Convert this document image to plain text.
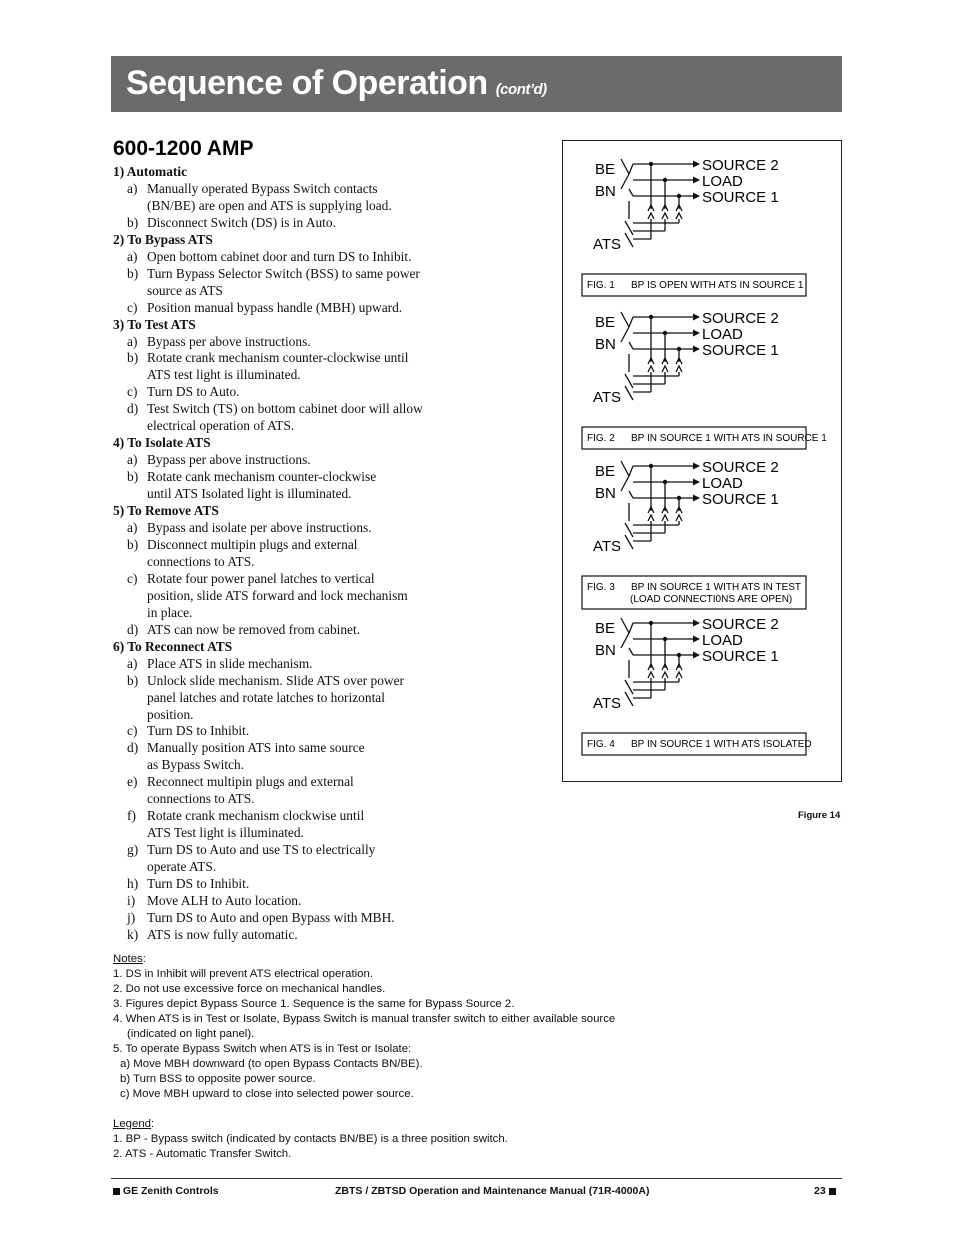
Sequence of Operation (cont’d)
600-1200 AMP
1) Automatic
a) Manually operated Bypass Switch contacts
(BN/BE) are open and ATS is supplying load.
b) Disconnect Switch (DS) is in Auto.
2) To Bypass ATS
a) Open bottom cabinet door and turn DS to Inhibit.
b) Turn Bypass Selector Switch (BSS) to same power
source as ATS
c) Position manual bypass handle (MBH) upward.
3) To Test ATS
a) Bypass per above instructions.
b) Rotate crank mechanism counter-clockwise until
ATS test light is illuminated.
c) Turn DS to Auto.
d) Test Switch (TS) on bottom cabinet door will allow
electrical operation of ATS.
4) To Isolate ATS
a) Bypass per above instructions.
b) Rotate cank mechanism counter-clockwise
until ATS Isolated light is illuminated.
5) To Remove ATS
a) Bypass and isolate per above instructions.
b) Disconnect multipin plugs and external
connections to ATS.
c) Rotate four power panel latches to vertical
position, slide ATS forward and lock mechanism
in place.
d) ATS can now be removed from cabinet.
6) To Reconnect ATS
a) Place ATS in slide mechanism.
b) Unlock slide mechanism. Slide ATS over power
panel latches and rotate latches to horizontal
position.
c) Turn DS to Inhibit.
d) Manually position ATS into same source
as Bypass Switch.
e) Reconnect multipin plugs and external
connections to ATS.
f) Rotate crank mechanism clockwise until
ATS Test light is illuminated.
g) Turn DS to Auto and use TS to electrically
operate ATS.
h) Turn DS to Inhibit.
i) Move ALH to Auto location.
j) Turn DS to Auto and open Bypass with MBH.
k) ATS is now fully automatic.
Notes:
1. DS in Inhibit will prevent ATS electrical operation.
2. Do not use excessive force on mechanical handles.
3. Figures depict Bypass Source 1. Sequence is the same for Bypass Source 2.
4. When ATS is in Test or Isolate, Bypass Switch is manual transfer switch to either available source
(indicated on light panel).
5. To operate Bypass Switch when ATS is in Test or Isolate:
a) Move MBH downward (to open Bypass Contacts BN/BE).
b) Turn BSS to opposite power source.
c) Move MBH upward to close into selected power source.
Legend:
1. BP - Bypass switch (indicated by contacts BN/BE) is a three position switch.
2. ATS - Automatic Transfer Switch.
BE
BN
ATS
SOURCE 2
LOAD
SOURCE 1
FIG. 1 BP IS OPEN WITH ATS IN SOURCE 1
BE
BN
ATS
SOURCE 2
LOAD
SOURCE 1
FIG. 2 BP IN SOURCE 1 WITH ATS IN SOURCE 1
BE
BN
ATS
SOURCE 2
LOAD
SOURCE 1
FIG. 3 BP IN SOURCE 1 WITH ATS IN TEST
(LOAD CONNECTI0NS ARE OPEN)
BE
BN
ATS
SOURCE 2
LOAD
SOURCE 1
FIG. 4 BP IN SOURCE 1 WITH ATS ISOLATED
Figure 14
GE Zenith Controls	ZBTS / ZBTSD Operation and Maintenance Manual (71R-4000A)	23
